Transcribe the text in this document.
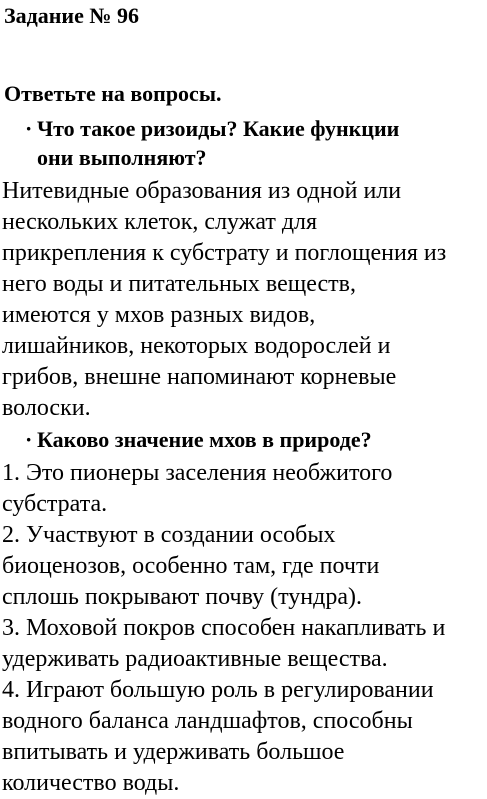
Задание № 96
Ответьте на вопросы.
· Что такое ризоиды? Какие функции
они выполняют?
Нитевидные образования из одной или
нескольких клеток, служат для
прикрепления к субстрату и поглощения из
него воды и питательных веществ,
имеются у мхов разных видов,
лишайников, некоторых водорослей и
грибов, внешне напоминают корневые
волоски.
· Каково значение мхов в природе?
1. Это пионеры заселения необжитого
субстрата.
2. Участвуют в создании особых
биоценозов, особенно там, где почти
сплошь покрывают почву (тундра).
3. Моховой покров способен накапливать и
удерживать радиоактивные вещества.
4. Играют большую роль в регулировании
водного баланса ландшафтов, способны
впитывать и удерживать большое
количество воды.
